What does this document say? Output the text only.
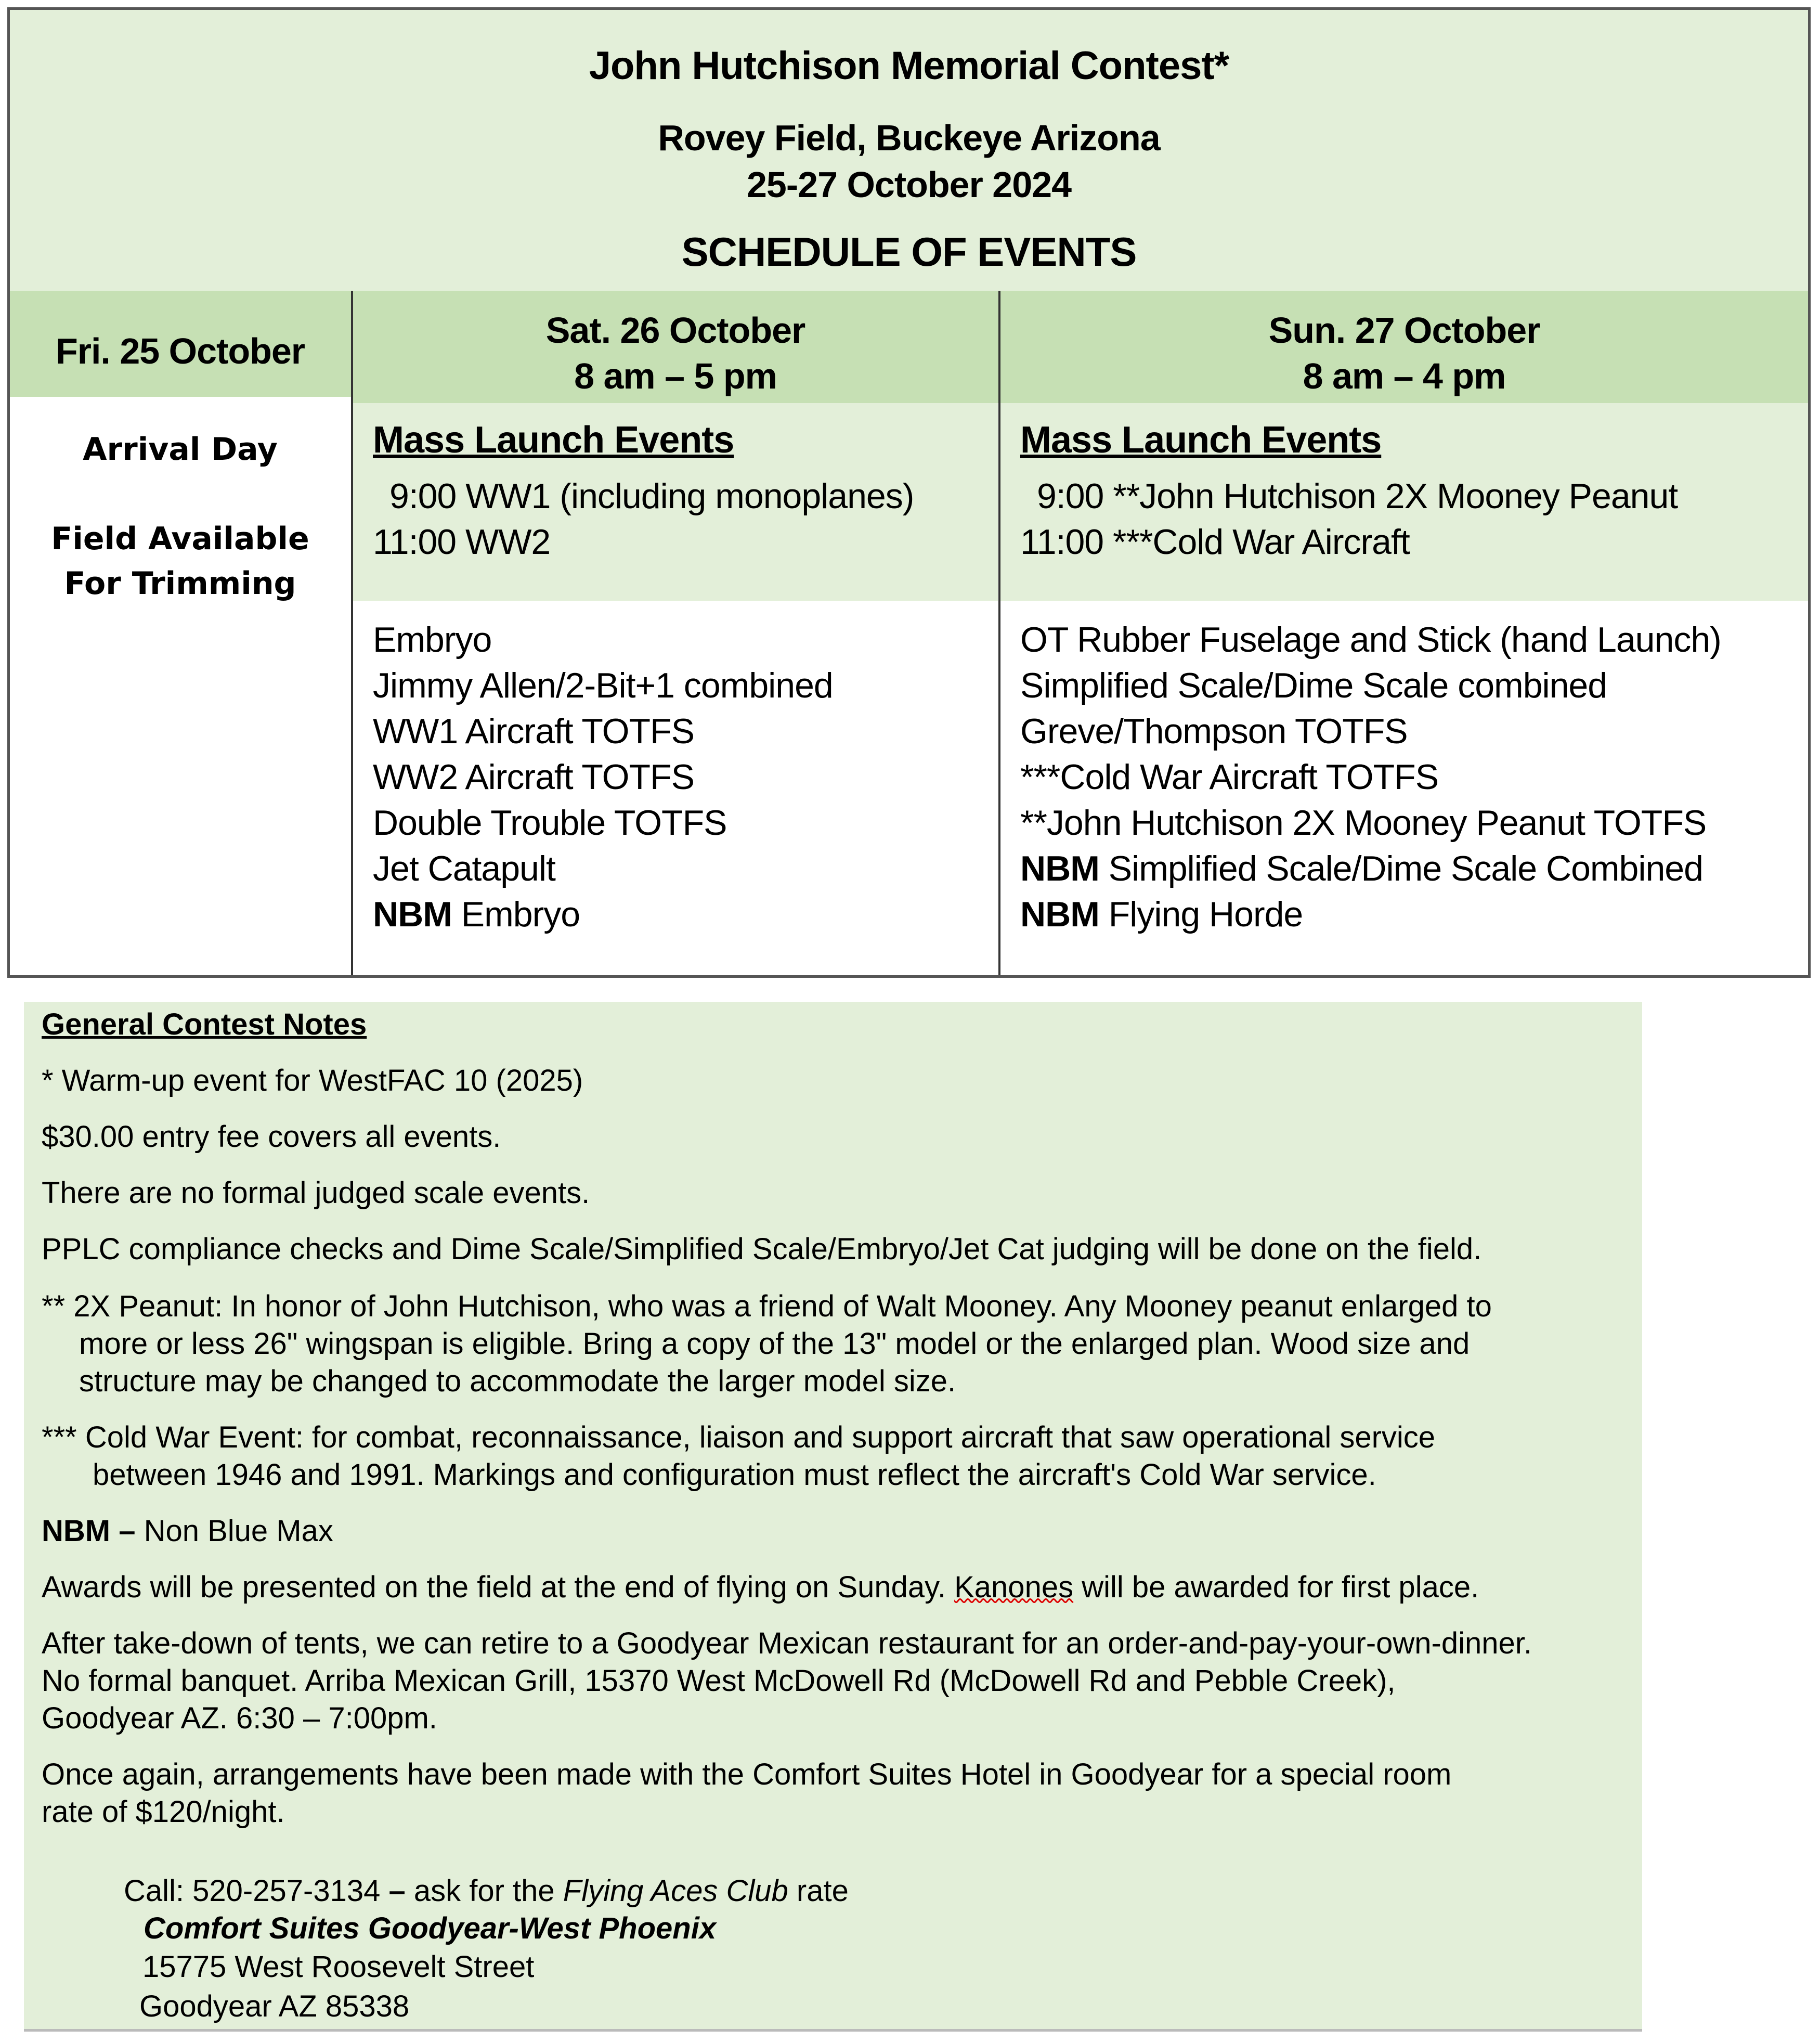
John Hutchison Memorial Contest*
Rovey Field, Buckeye Arizona
25-27 October 2024
SCHEDULE OF EVENTS
Fri. 25 October
Sat. 26 October
8 am – 5 pm
Sun. 27 October
8 am – 4 pm
Arrival Day
Field Available
For Trimming
Mass Launch Events
9:00 WW1 (including monoplanes)
11:00 WW2
Mass Launch Events
9:00 **John Hutchison 2X Mooney Peanut
11:00 ***Cold War Aircraft
Embryo
Jimmy Allen/2-Bit+1 combined
WW1 Aircraft TOTFS
WW2 Aircraft TOTFS
Double Trouble TOTFS
Jet Catapult
NBM Embryo
OT Rubber Fuselage and Stick (hand Launch)
Simplified Scale/Dime Scale combined
Greve/Thompson TOTFS
***Cold War Aircraft TOTFS
**John Hutchison 2X Mooney Peanut TOTFS
NBM Simplified Scale/Dime Scale Combined
NBM Flying Horde
General Contest Notes
* Warm-up event for WestFAC 10 (2025)
$30.00 entry fee covers all events.
There are no formal judged scale events.
PPLC compliance checks and Dime Scale/Simplified Scale/Embryo/Jet Cat judging will be done on the field.
** 2X Peanut: In honor of John Hutchison, who was a friend of Walt Mooney. Any Mooney peanut enlarged to
more or less 26" wingspan is eligible. Bring a copy of the 13" model or the enlarged plan. Wood size and
structure may be changed to accommodate the larger model size.
*** Cold War Event: for combat, reconnaissance, liaison and support aircraft that saw operational service
between 1946 and 1991. Markings and configuration must reflect the aircraft's Cold War service.
NBM – Non Blue Max
Awards will be presented on the field at the end of flying on Sunday. Kanones will be awarded for first place.
After take-down of tents, we can retire to a Goodyear Mexican restaurant for an order-and-pay-your-own-dinner.
No formal banquet. Arriba Mexican Grill, 15370 West McDowell Rd (McDowell Rd and Pebble Creek),
Goodyear AZ. 6:30 – 7:00pm.
Once again, arrangements have been made with the Comfort Suites Hotel in Goodyear for a special room
rate of $120/night.
Call: 520-257-3134 – ask for the Flying Aces Club rate
Comfort Suites Goodyear-West Phoenix
15775 West Roosevelt Street
Goodyear AZ 85338
